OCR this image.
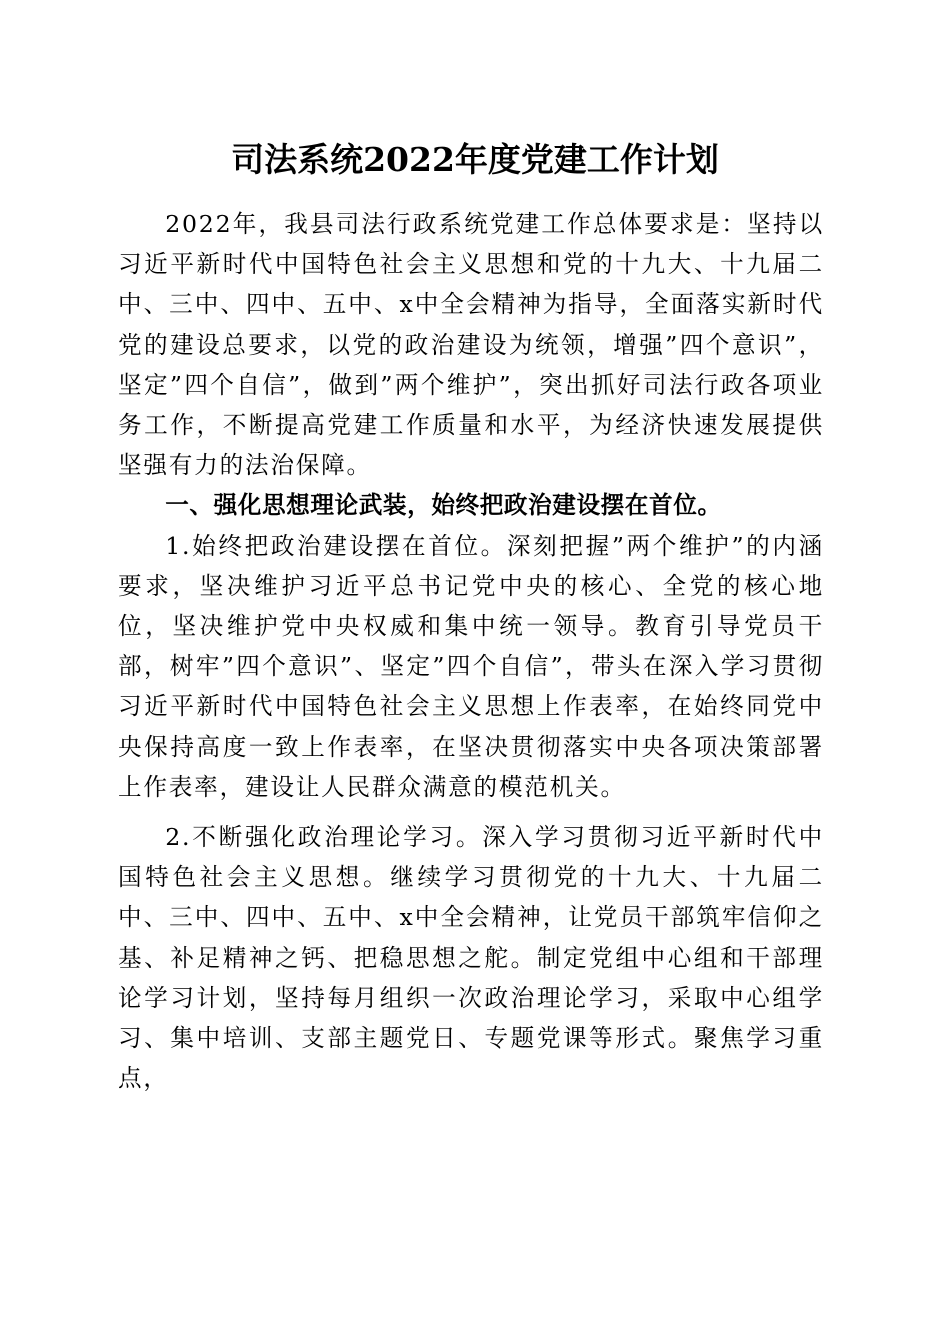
司法系统2022年度党建工作计划

2022年，我县司法行政系统党建工作总体要求是：坚持以习近平新时代中国特色社会主义思想和党的十九大、十九届二中、三中、四中、五中、x中全会精神为指导，全面落实新时代党的建设总要求，以党的政治建设为统领，增强”四个意识”，坚定”四个自信”，做到”两个维护”，突出抓好司法行政各项业务工作，不断提高党建工作质量和水平，为经济快速发展提供坚强有力的法治保障。

一、强化思想理论武装，始终把政治建设摆在首位。

1.始终把政治建设摆在首位。深刻把握”两个维护”的内涵要求，坚决维护习近平总书记党中央的核心、全党的核心地位，坚决维护党中央权威和集中统一领导。教育引导党员干部，树牢”四个意识”、坚定”四个自信”，带头在深入学习贯彻习近平新时代中国特色社会主义思想上作表率，在始终同党中央保持高度一致上作表率，在坚决贯彻落实中央各项决策部署上作表率，建设让人民群众满意的模范机关。

2.不断强化政治理论学习。深入学习贯彻习近平新时代中国特色社会主义思想。继续学习贯彻党的十九大、十九届二中、三中、四中、五中、x中全会精神，让党员干部筑牢信仰之基、补足精神之钙、把稳思想之舵。制定党组中心组和干部理论学习计划，坚持每月组织一次政治理论学习，采取中心组学习、集中培训、支部主题党日、专题党课等形式。聚焦学习重点，
